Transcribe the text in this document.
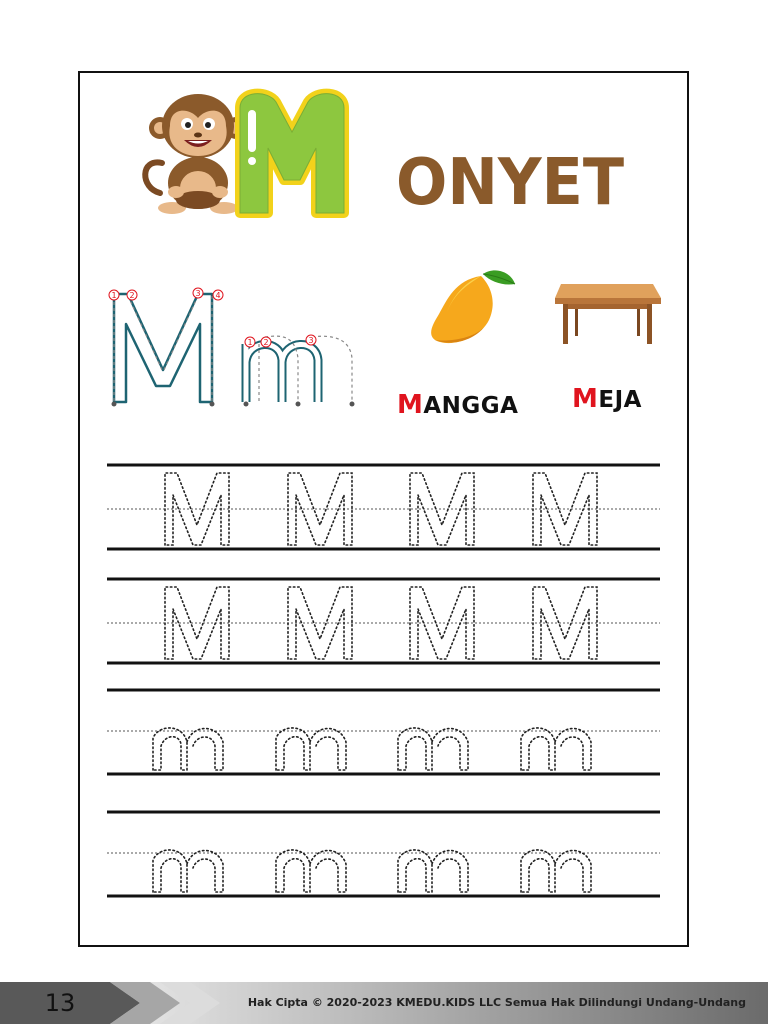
ONYET
1 2	3 4
1 2	3
MANGGA MEJA
13	Hak Cipta © 2020-2023 KMEDU.KIDS LLC Semua Hak Dilindungi Undang-Undang
